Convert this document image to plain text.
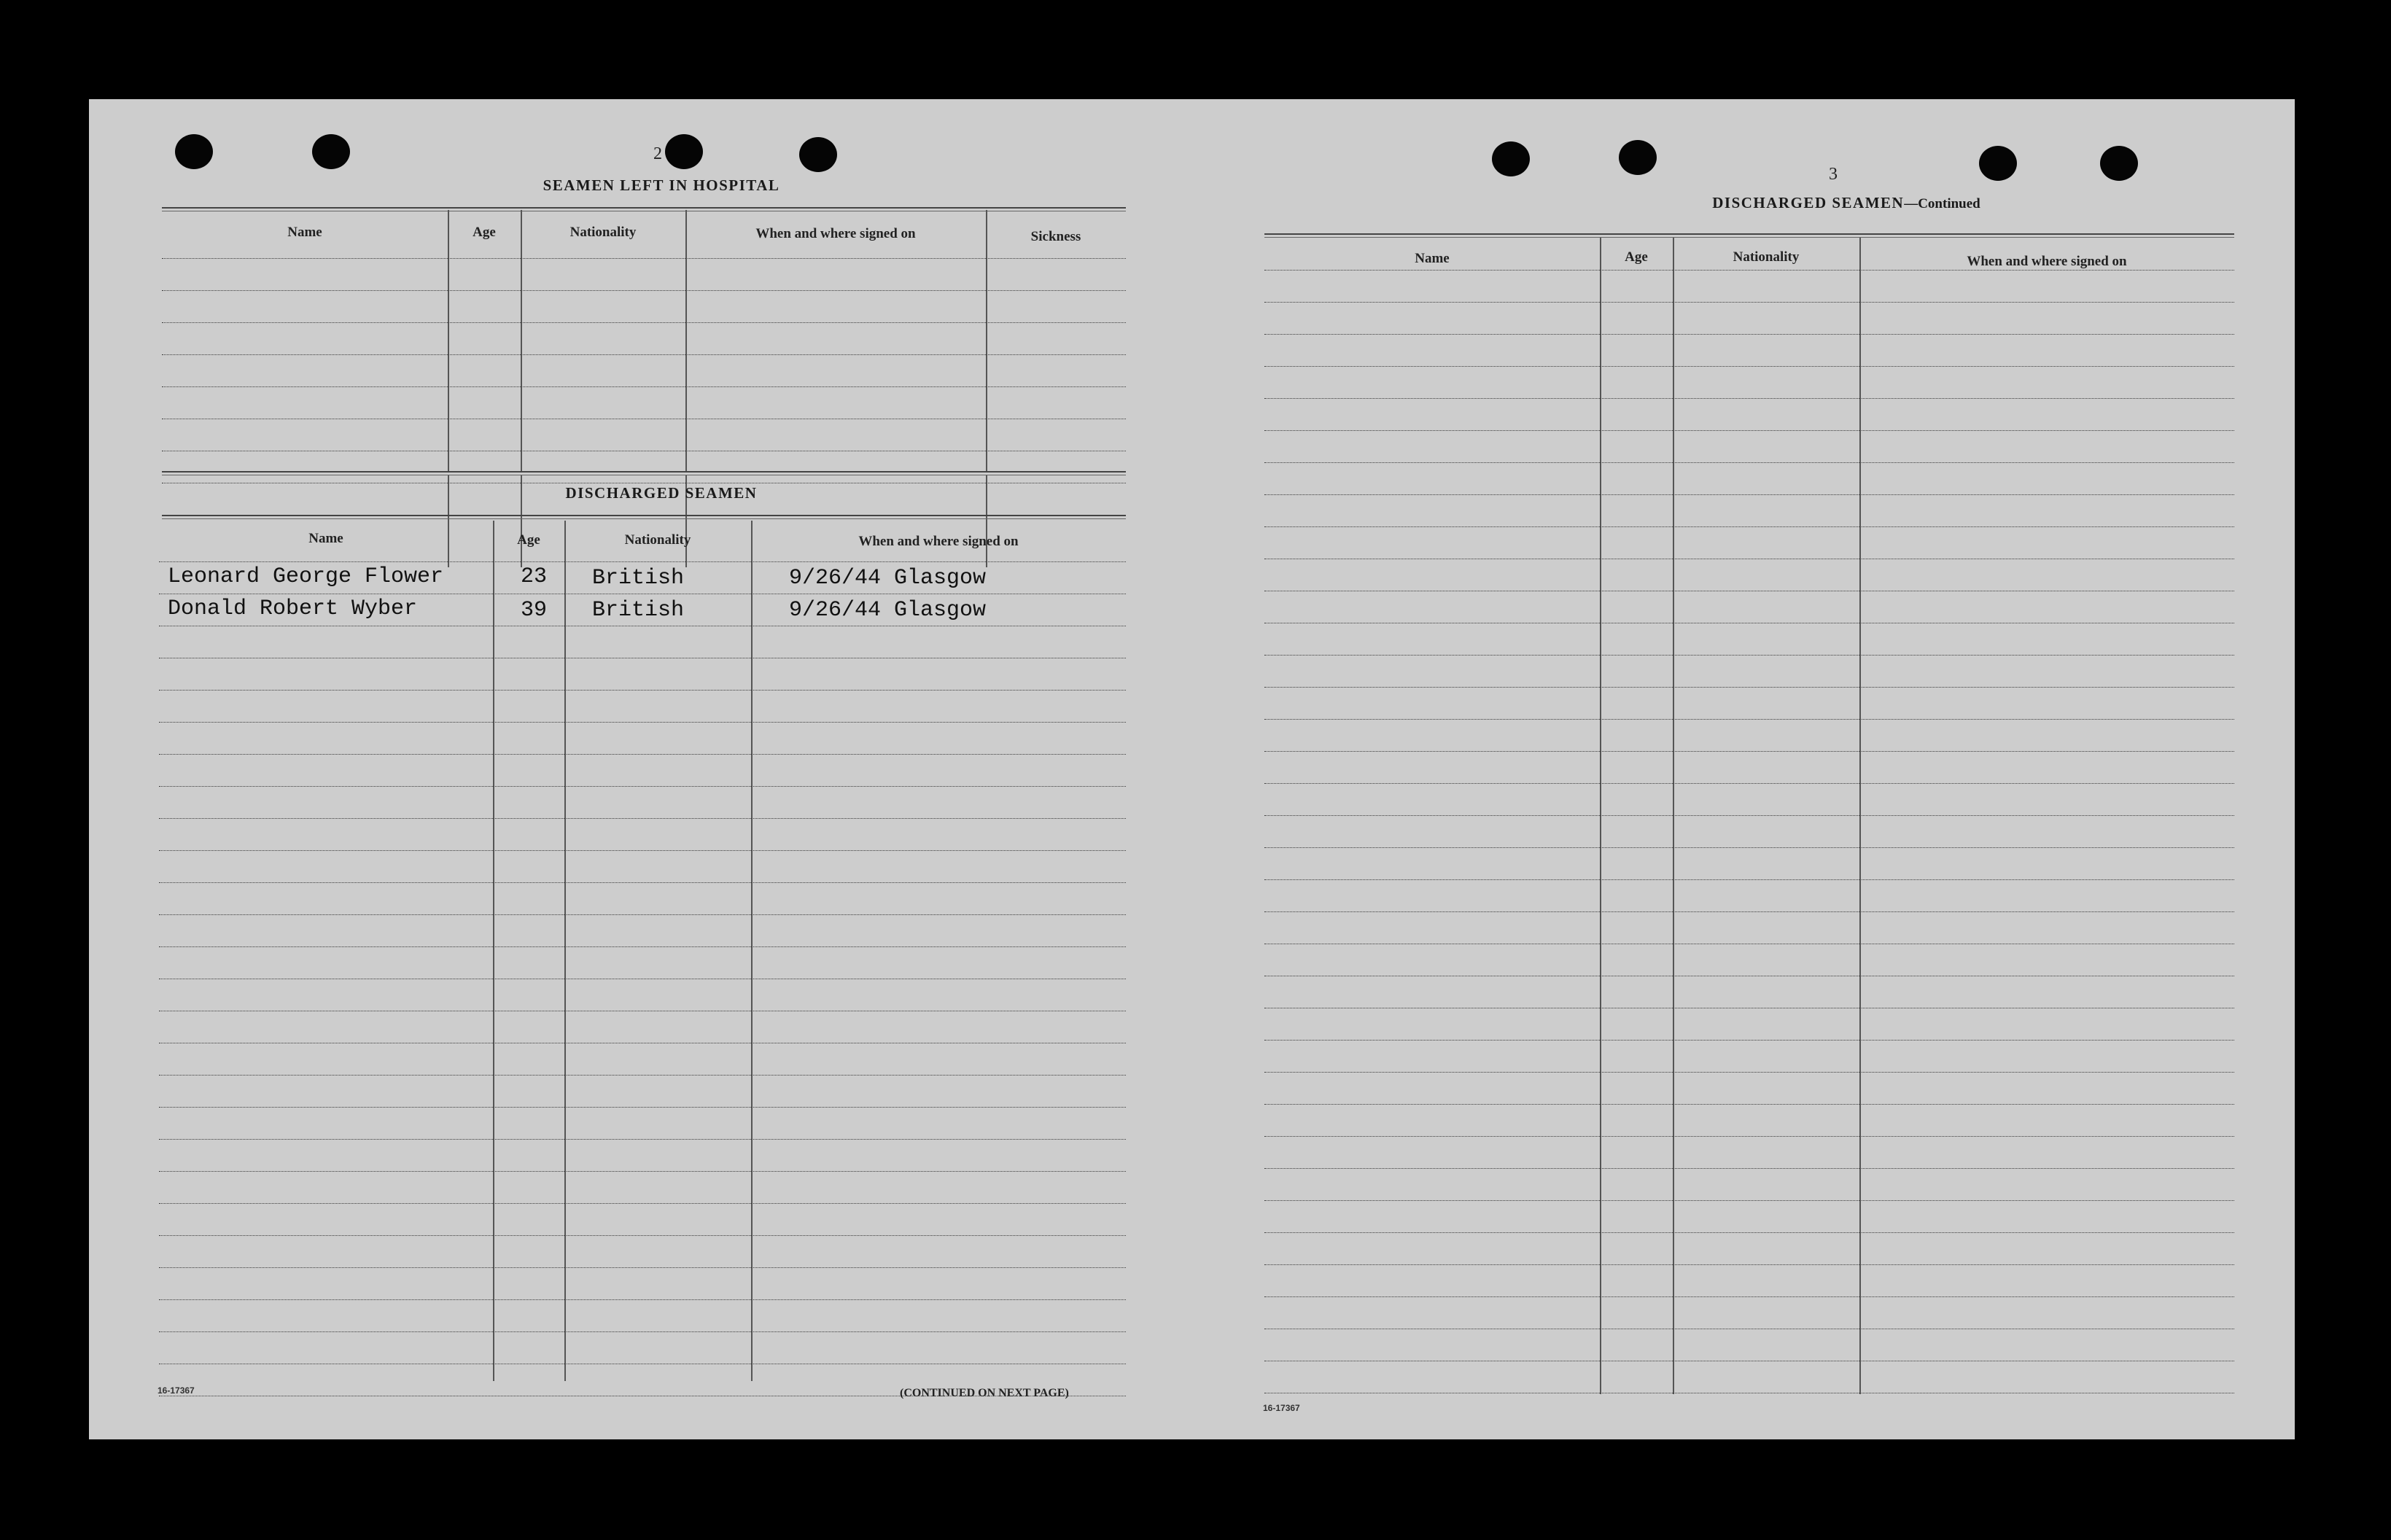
2
SEAMEN LEFT IN HOSPITAL
Name	Age	Nationality	When and where signed on	Sickness
DISCHARGED SEAMEN
Name	Age	Nationality	When and where signed on
Leonard George Flower	23 British	9/26/44 Glasgow
Donald Robert Wyber	39 British	9/26/44 Glasgow
16-17367	(CONTINUED ON NEXT PAGE)
3
DISCHARGED SEAMEN—Continued
Name	Age	Nationality	When and where signed on
16-17367
